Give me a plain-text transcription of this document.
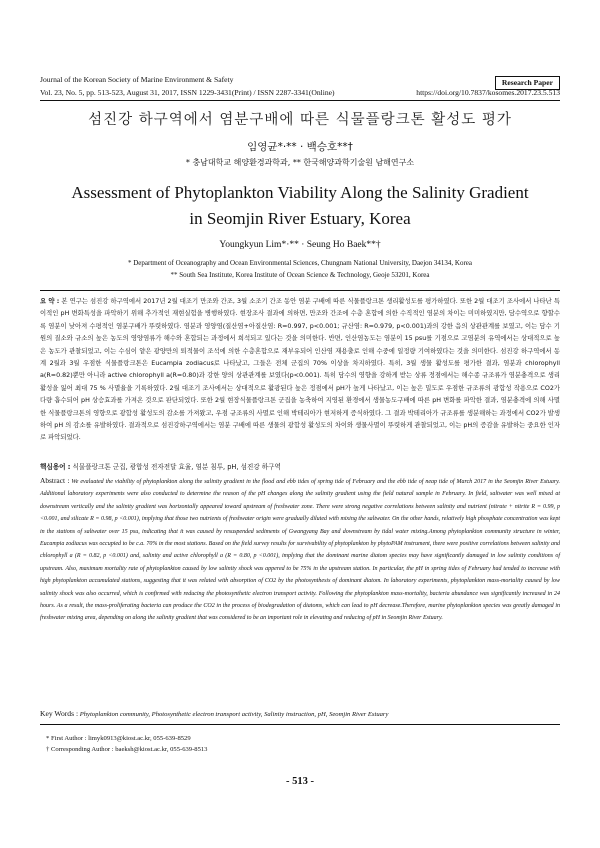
Journal of the Korean Society of Marine Environment & Safety	Research Paper
Vol. 23, No. 5, pp. 513-523, August 31, 2017, ISSN 1229-3431(Print) / ISSN 2287-3341(Online)	https://doi.org/10.7837/kosomes.2017.23.5.513
섬진강 하구역에서 염분구배에 따른 식물플랑크톤 활성도 평가
임영균*·** · 백승호**†
* 충남대학교 해양환경과학과, ** 한국해양과학기술원 남해연구소
Assessment of Phytoplankton Viability Along the Salinity Gradient
in Seomjin River Estuary, Korea
Youngkyun Lim*·** · Seung Ho Baek**†
* Department of Oceanography and Ocean Environmental Sciences, Chungnam National University, Daejon 34134, Korea
** South Sea Institute, Korea Institute of Ocean Science & Technology, Geoje 53201, Korea
요 약 : 본 연구는 섬진강 하구역에서 2017년 2월 대조기 만조와 간조, 3월 소조기 간조 동안 염분 구배에 따른 식물플랑크톤 생리활성도를 평가하였다. 또한 2월 대조기 조사에서 나타난 특이적인 pH 변화특성을 파악하기 위해 추가적인 재현실험을 병행하였다. 현장조사 결과에 의하면, 만조와 간조에 수층 혼합에 의한 수직적인 염분의 차이는 미미하였지만, 담수역으로 향할수록 염분이 낮아져 수평적인 염분구배가 뚜렷하였다. 염분과 영양염(질산염+아질산염: R=0.997, p<0.001; 규산염: R=0.979, p<0.001)과의 강한 음의 상관관계를 보였고, 이는 담수 기원의 질소와 규소의 높은 농도의 영양염류가 해수와 혼합되는 과정에서 희석되고 있다는 것을 의미한다. 반면, 인산염농도는 염분이 15 psu를 기점으로 고염분의 유역에서는 상대적으로 높은 농도가 관찰되었고, 이는 수심이 얕은 광양만의 퇴적물이 조석에 의한 수층혼합으로 재부유되어 인산염 재용출로 인해 수중에 일정량 기여하였다는 것을 의미한다. 섬진강 하구역에서 동계 2월과 3월 우점한 식물플랑크톤은 Eucampia zodiacus로 나타났고, 그들은 전체 군집의 70% 이상을 차지하였다. 특히, 3월 생물 활성도를 평가한 결과, 염분과 chlorophyll a(R=0.82)뿐만 아니라 active chlorophyll a(R=0.80)과 강한 양의 상관관계를 보였다(p<0.001). 특히 담수의 영향을 강하게 받는 상류 정점에서는 해수종 규조류가 염분충격으로 생리활성을 잃어 최대 75 % 사멸율을 기록하였다. 2월 대조기 조사에서는 상대적으로 활광된다 높은 정점에서 pH가 높게 나타났고, 이는 높은 밀도로 우점한 규조류의 광합성 작용으로 CO2가 다량 흡수되어 pH 상승효과를 가져온 것으로 판단되었다. 또한 2월 현장식물플랑크톤 군집을 농축하여 지영된 환경에서 생물농도구배에 따른 pH 변화를 파악한 결과, 염분충격에 의해 사멸한 식물플랑크톤의 영향으로 광합성 활성도의 감소를 가져왔고, 우점 규조류의 사멸로 인해 박테리아가 현저하게 증식하였다. 그 결과 박테리아가 규조류를 생분해하는 과정에서 CO2가 발생하여 pH 의 감소를 유발하였다. 결과적으로 섬진강하구역에서는 염분 구배에 따른 생물의 광합성 활성도의 차이와 생물사멸이 뚜렷하게 관찰되었고, 이는 pH의 증감을 유발하는 중요한 인자로 파악되었다.
핵심용어 : 식물플랑크톤 군집, 광합성 전자전달 효율, 염분 침투, pH, 섬진강 하구역
Abstract : We evaluated the viability of phytoplankton along the salinity gradient in the flood and ebb tides of spring tide of February and the ebb tide of neap tide of March 2017 in the Seomjin River Estuary. Additional laboratory experiments were also conducted to determine the reason of the pH changes along the salinity gradient using the field natural sample in February. In field, saltwater was well mixed at downstream vertically and the salinity gradient was horizontally appeared toward upstream of freshwater zone. There were strong negative correlations between salinity and nutrient (nitrate + nitrite R = 0.99, p <0.001, and silicate R = 0.98, p <0.001), implying that those two nutrients of freshwater origin were gradually diluted with mixing the saltwater. On the other hands, relatively high phosphate concentration was kept in the stations of saltwater over 15 psu, indicating that it was caused by resuspended sediments of Gwangyang Bay and downstream by tidal water mixing.Among phytoplankton community structure in winter, Eucampia zodiacus was occupied to be c.a. 70% in the most stations. Based on the field survey results for survivability of phytoplankton by phytoPAM instrument, there were positive correlations between salinity and chlorophyll a (R = 0.82, p <0.001) and, salinity and active chlorophyll a (R = 0.80, p <0.001), implying that the dominant marine diatom species may have significantly damaged in low salinity conditions of upstream. Also, maximum mortality rate of phytoplankton caused by low salinity shock was appered to be 75% in the upstream station. In particular, the pH in spring tides of February had tended to increase with high phytoplankton accumulated stations, suggesting that it was related with absorption of CO2 by the photosynthesis of dominant diatom. In laboratory experiments, phytoplankton mass-mortality caused by low salinity shock was also occurred, which is confirmed with reducing the photosynthetic electron transport activity. Following the phytoplankton mass-mortality, bacteria abundance was significantly increased in 24 hours. As a result, the mass-proliferating bacteria can produce the CO2 in the process of biodegradation of diatoms, which can lead to pH decrease.Therefore, marine phytoplankton species was greatly damaged in freshwater mixing area, depending on along the salinity gradient that was considered to be an important role in elevating and reducing of pH in Seomjin River Estuary.
Key Words : Phytoplankton community, Photosynthetic electron transport activity, Salinity instruction, pH, Seomjin River Estuary
* First Author : limyk0913@kiost.ac.kr, 055-639-8529
† Corresponding Author : baeksh@kiost.ac.kr, 055-639-8513
- 513 -
